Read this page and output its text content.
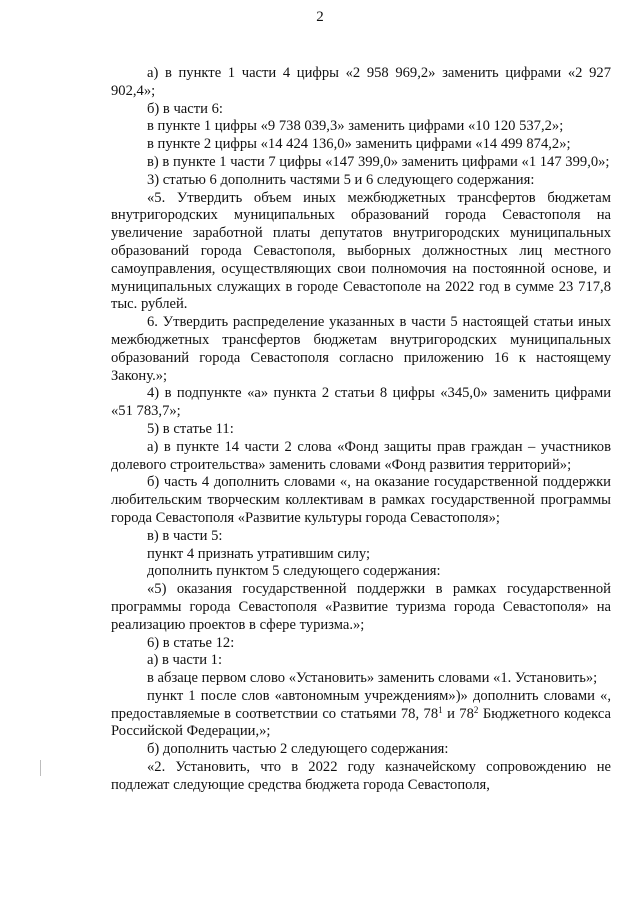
2

а) в пункте 1 части 4 цифры «2 958 969,2» заменить цифрами «2 927 902,4»;

б) в части 6:

в пункте 1 цифры «9 738 039,3» заменить цифрами «10 120 537,2»;

в пункте 2 цифры «14 424 136,0» заменить цифрами «14 499 874,2»;

в) в пункте 1 части 7 цифры «147 399,0» заменить цифрами «1 147 399,0»;

3) статью 6 дополнить частями 5 и 6 следующего содержания:

«5. Утвердить объем иных межбюджетных трансфертов бюджетам внутригородских муниципальных образований города Севастополя на увеличение заработной платы депутатов внутригородских муниципальных образований города Севастополя, выборных должностных лиц местного самоуправления, осуществляющих свои полномочия на постоянной основе, и муниципальных служащих в городе Севастополе на 2022 год в сумме 23 717,8 тыс. рублей.

6. Утвердить распределение указанных в части 5 настоящей статьи иных межбюджетных трансфертов бюджетам внутригородских муниципальных образований города Севастополя согласно приложению 16 к настоящему Закону.»;

4) в подпункте «а» пункта 2 статьи 8 цифры «345,0» заменить цифрами «51 783,7»;

5) в статье 11:

а) в пункте 14 части 2 слова «Фонд защиты прав граждан – участников долевого строительства» заменить словами «Фонд развития территорий»;

б) часть 4 дополнить словами «, на оказание государственной поддержки любительским творческим коллективам в рамках государственной программы города Севастополя «Развитие культуры города Севастополя»;

в) в части 5:

пункт 4 признать утратившим силу;

дополнить пунктом 5 следующего содержания:

«5) оказания государственной поддержки в рамках государственной программы города Севастополя «Развитие туризма города Севастополя» на реализацию проектов в сфере туризма.»;

6) в статье 12:

а) в части 1:

в абзаце первом слово «Установить» заменить словами «1. Установить»;

пункт 1 после слов «автономным учреждениям»)» дополнить словами «, предоставляемые в соответствии со статьями 78, $78^1$ и $78^2$ Бюджетного кодекса Российской Федерации,»;

б) дополнить частью 2 следующего содержания:

«2. Установить, что в 2022 году казначейскому сопровождению не подлежат следующие средства бюджета города Севастополя,
